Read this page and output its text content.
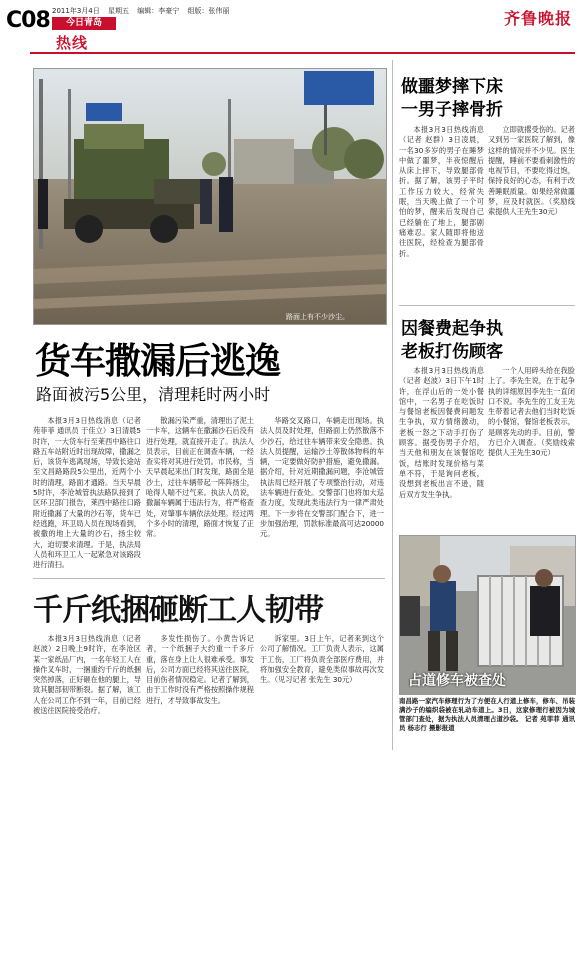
C08 2011年3月4日 星期五 编辑：李豪宁 组版：张伟丽
今日青岛
热线
齐鲁晚报
路面上有不少沙尘。
货车撒漏后逃逸
路面被污5公里，清理耗时两小时

本报3月3日热线消息（记者 苑菲菲 通讯员 于佳立）3日清晨5时许，一大货车行至莱西中路往口路五车站附近时出现故障，撒漏之后，该货车逃离现场，导致长途站至文昌路路段5公里出，近两个小时的清理，路面才通路。当天早晨5时许，李沧城管执法路队接到了区环卫部门报告，莱西中路往口路附近撒漏了大量的沙石等，货车已经逃跑，环卫局人员在现场看到，被撒的地上大量的沙石，扬尘较大，迫切要求清理。于是，执法局人员和环卫工人一起紧急对该路段进行清扫。

散漏污染严重，清理出了泥土一卡车，这辆车在撒漏沙石后没有进行处理，就直接开走了。执法人员表示，目前正在调查车辆，一经查实将对其进行处罚。市民称，当天早晨起来出门时发现，路面全是沙土，过往车辆带起一阵阵扬尘，呛得人喘不过气来。执法人员说，撒漏车辆属于违法行为，将严格查处，对肇事车辆依法处理。经过两个多小时的清理，路面才恢复了正常。

华路交叉路口，车辆走出现场。执法人员及时处理，但路面上仍然散落不少沙石，给过往车辆带来安全隐患。执法人员提醒，运输沙土等散体物料的车辆，一定要做好防护措施，避免撒漏。据介绍，针对近期撒漏问题，李沧城管执法局已经开展了专项整治行动，对违法车辆进行查处。交警部门也将加大巡查力度，发现此类违法行为一律严肃处理。下一步将在交警部门配合下，进一步加强治理，罚款标准最高可达20000元。

千斤纸捆砸断工人韧带

本报3月3日热线消息（记者 赵波）2日晚上9时许，在李沧区某一家纸品厂内，一名年轻工人在操作叉车时，一捆重约千斤的纸捆突然掉落，正好砸在他的腿上，导致其腿部韧带断裂。据了解，该工人在公司工作不到一年，目前已经被送往医院接受治疗。

多发性损伤了。小黄告诉记者，一个纸捆子大约重一千多斤重，落在身上让人很难承受。事发后，公司方面已经将其送往医院，目前伤者情况稳定。记者了解到，由于工作时没有严格按照操作规程进行，才导致事故发生。

诉家里。3日上午，记者来到这个公司了解情况。工厂负责人表示，这属于工伤，工厂将负责全部医疗费用，并将加强安全教育，避免类似事故再次发生。（见习记者 张先生 30元）

做噩梦摔下床
一男子摔骨折

本报3月3日热线消息（记者 赵群）3日凌晨，一名30多岁的男子在睡梦中做了噩梦，半夜惊醒后从床上摔下，导致腿部骨折。据了解，该男子平时工作压力较大，经常失眠，当天晚上做了一个可怕的梦，醒来后发现自己已经躺在了地上，腿部剧痛难忍。家人随即将他送往医院，经检查为腿部骨折。

立即就撂受伤的。记者又到另一家医院了解到，像这样的情况并不少见。医生提醒，睡前不要看刺激性的电视节目，不要吃得过饱，保持良好的心态，有利于改善睡眠质量。如果经常做噩梦，应及时就医。（奖励线索提供人王先生30元）

因餐费起争执
老板打伤顾客

本报3月3日热线消息（记者 赵波）3日下午1时许，在浮山后的一处小餐馆中，一名男子在吃饭时与餐馆老板因餐费问题发生争执，双方情绪激动，老板一怒之下动手打伤了顾客。据受伤男子介绍，当天他和朋友在该餐馆吃饭，结账时发现价格与菜单不符，于是询问老板，没想到老板出言不逊，随后双方发生争执。

一个人用碎头给在我脸上了。李先生说，在于起争执的详细原因李先生一直闭口不说。李先生的工友王先生带着记者去他们当时吃饭的小餐馆，餐馆老板表示，是顾客先动的手。目前，警方已介入调查。（奖励线索提供人王先生30元）

占道修车被查处
南昌路一家汽车修理行为了方便在人行道上修车，修车、吊装满沙子的编织袋被在轧动车道上。3日，这家修理行被因为城管部门查处，据为执法人员清理占道沙袋。 记者 苑菲菲 通讯员 杨志行 摄影报道
